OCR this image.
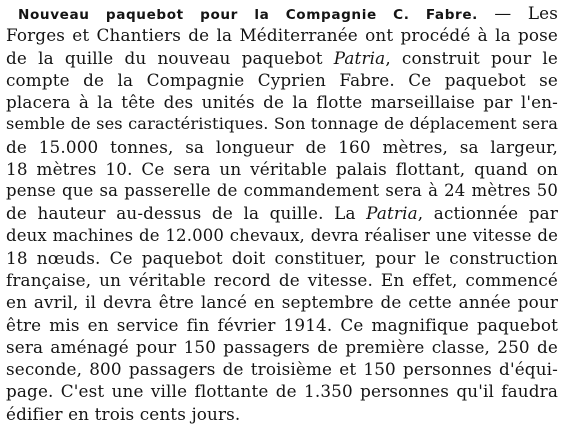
Nouveau paquebot pour la Compagnie C. Fabre. — Les
Forges et Chantiers de la Méditerranée ont procédé à la pose
de la quille du nouveau paquebot Patria, construit pour le
compte de la Compagnie Cyprien Fabre. Ce paquebot se
placera à la tête des unités de la flotte marseillaise par l'en-
semble de ses caractéristiques. Son tonnage de déplacement sera
de 15.000 tonnes, sa longueur de 160 mètres, sa largeur,
18 mètres 10. Ce sera un véritable palais flottant, quand on
pense que sa passerelle de commandement sera à 24 mètres 50
de hauteur au-dessus de la quille. La Patria, actionnée par
deux machines de 12.000 chevaux, devra réaliser une vitesse de
18 nœuds. Ce paquebot doit constituer, pour le construction
française, un véritable record de vitesse. En effet, commencé
en avril, il devra être lancé en septembre de cette année pour
être mis en service fin février 1914. Ce magnifique paquebot
sera aménagé pour 150 passagers de première classe, 250 de
seconde, 800 passagers de troisième et 150 personnes d'équi-
page. C'est une ville flottante de 1.350 personnes qu'il faudra
édifier en trois cents jours.
